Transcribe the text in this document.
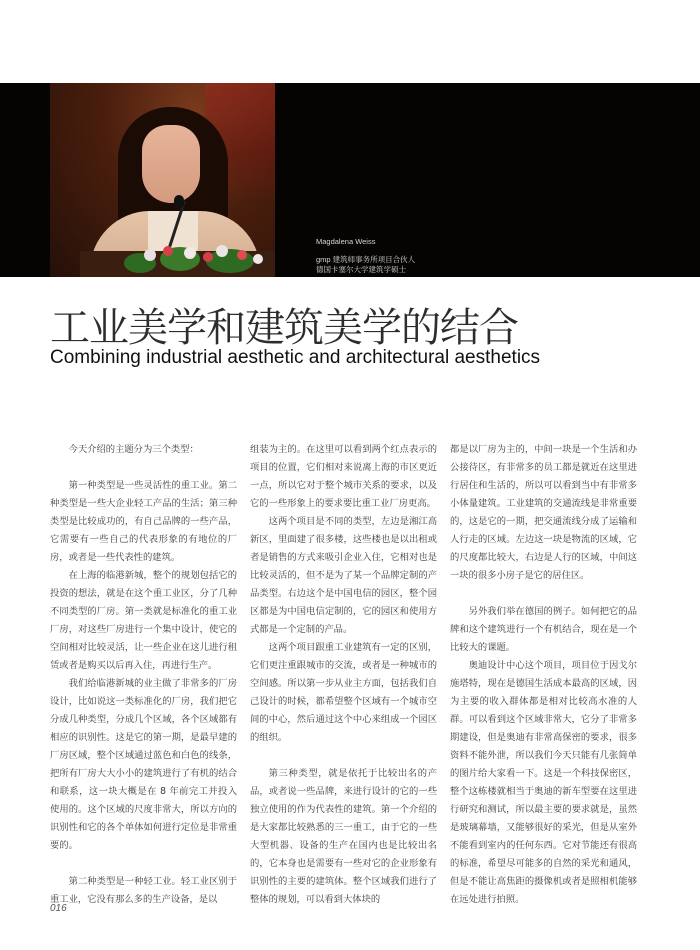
Magdalena Weiss
gmp 建筑师事务所项目合伙人
德国卡塞尔大学建筑学硕士
工业美学和建筑美学的结合
Combining industrial aesthetic and architectural aesthetics

今天介绍的主题分为三个类型：

第一种类型是一些灵活性的重工业。第二种类型是一些大企业轻工产品的生活；第三种类型是比较成功的，有自己品牌的一些产品，它需要有一些自己的代表形象的有地位的厂房，或者是一些代表性的建筑。

在上海的临港新城，整个的规划包括它的投资的想法，就是在这个重工业区，分了几种不同类型的厂房。第一类就是标准化的重工业厂房，对这些厂房进行一个集中设计，使它的空间相对比较灵活，让一些企业在这儿进行租赁或者是购买以后再入住，再进行生产。

我们给临港新城的业主做了非常多的厂房设计，比如说这一类标准化的厂房，我们把它分成几种类型，分成几个区域，各个区域都有相应的识别性。这是它的第一期，是最早建的厂房区域，整个区域通过蓝色和白色的线条，把所有厂房大大小小的建筑进行了有机的结合和联系，这一块大概是在 8 年前完工并投入使用的。这个区域的尺度非常大，所以方向的识别性和它的各个单体如何进行定位是非常重要的。

第二种类型是一种轻工业。轻工业区别于重工业，它没有那么多的生产设备，是以

组装为主的。在这里可以看到两个红点表示的项目的位置，它们相对来说离上海的市区更近一点，所以它对于整个城市关系的要求，以及它的一些形象上的要求要比重工业厂房更高。

这两个项目是不同的类型，左边是湘江高新区，里面建了很多楼，这些楼也是以出租或者是销售的方式来吸引企业入住，它相对也是比较灵活的，但不是为了某一个品牌定制的产品类型。右边这个是中国电信的园区，整个园区都是为中国电信定制的，它的园区和使用方式都是一个定制的产品。

这两个项目跟重工业建筑有一定的区别，它们更注重跟城市的交流，或者是一种城市的空间感。所以第一步从业主方面，包括我们自己设计的时候，都希望整个区域有一个城市空间的中心，然后通过这个中心来组成一个园区的组织。

第三种类型，就是依托于比较出名的产品，或者说一些品牌，来进行设计的它的一些独立使用的作为代表性的建筑。第一个介绍的是大家都比较熟悉的三一重工，由于它的一些大型机器、设备的生产在国内也是比较出名的，它本身也是需要有一些对它的企业形象有识别性的主要的建筑体。整个区域我们进行了整体的规划，可以看到大体块的

都是以厂房为主的，中间一块是一个生活和办公接待区，有非常多的员工都是就近在这里进行居住和生活的，所以可以看到当中有非常多小体量建筑。工业建筑的交通流线是非常重要的，这是它的一期，把交通流线分成了运输和人行走的区域。左边这一块是物流的区域，它的尺度都比较大，右边是人行的区域，中间这一块的很多小房子是它的居住区。

另外我们举在德国的例子。如何把它的品牌和这个建筑进行一个有机结合，现在是一个比较大的课题。

奥迪设计中心这个项目，项目位于因戈尔施塔特，现在是德国生活成本最高的区域，因为主要的收入群体都是相对比较高水准的人群。可以看到这个区域非常大，它分了非常多期建设，但是奥迪有非常高保密的要求，很多资料不能外泄，所以我们今天只能有几张简单的图片给大家看一下。这是一个科技保密区，整个这栋楼就相当于奥迪的新车型要在这里进行研究和测试，所以最主要的要求就是，虽然是玻璃幕墙，又能够很好的采光，但是从室外不能看到室内的任何东西。它对节能还有很高的标准，希望尽可能多的自然的采光和通风，但是不能让高焦距的摄像机或者是照相机能够在远处进行拍照。

016
